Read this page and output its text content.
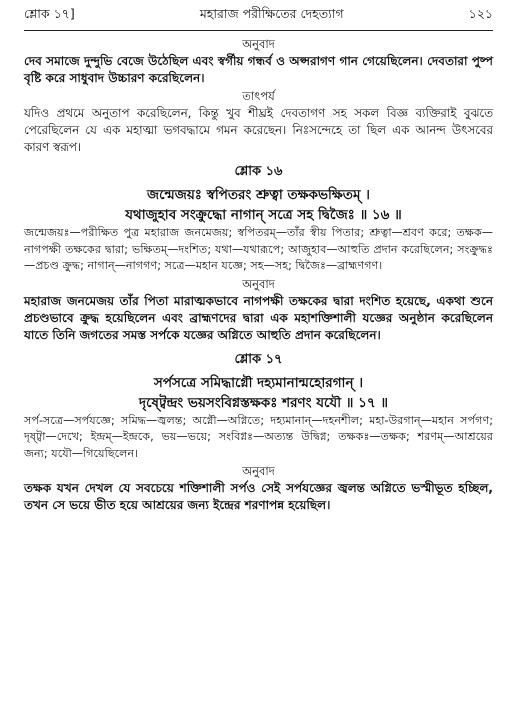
শ্লোক ১৭]	মহারাজ পরীক্ষিতের দেহত্যাগ	১২১
অনুবাদ

দেব সমাজে দুন্দুভি বেজে উঠেছিল এবং স্বর্গীয় গন্ধর্ব ও অপ্সরাগণ গান গেয়েছিলেন। দেবতারা পুষ্প বৃষ্টি করে সাধুবাদ উচ্চারণ করেছিলেন।

তাৎপর্য

যদিও প্রথমে অনুতাপ করেছিলেন, কিন্তু খুব শীঘ্রই দেবতাগণ সহ সকল বিজ্ঞ ব্যক্তিরাই বুঝতে পেরেছিলেন যে এক মহাত্মা ভগবদ্ধামে গমন করেছেন। নিঃসন্দেহে তা ছিল এক আনন্দ উৎসবের কারণ স্বরূপ।

শ্লোক ১৬
জন্মেজয়ঃ স্বপিতরং শ্রুত্বা তক্ষকভক্ষিতম্ ।
যথাজুহাব সংক্রুদ্ধো নাগান্ সত্রে সহ দ্বিজৈঃ ॥ ১৬ ॥

জন্মেজয়ঃ—পরীক্ষিত পুত্র মহারাজ জনমেজয়; স্বপিতরম্—তাঁর স্বীয় পিতার; শ্রুত্বা—শ্রবণ করে; তক্ষক—নাগপক্ষী তক্ষকের দ্বারা; ভক্ষিতম্—দংশিত; যথা—যথারূপে; আজুহাব—আহুতি প্রদান করেছিলেন; সংক্রুদ্ধঃ—প্রচণ্ড ক্রুদ্ধ; নাগান্—নাগগণ; সত্রে—মহান যজ্ঞে; সহ—সহ; দ্বিজৈঃ—ব্রাহ্মণগণ।

অনুবাদ

মহারাজ জনমেজয় তাঁর পিতা মারাত্মকভাবে নাগপক্ষী তক্ষকের দ্বারা দংশিত হয়েছে, একথা শুনে প্রচণ্ডভাবে ক্রুদ্ধ হয়েছিলেন এবং ব্রাহ্মণদের দ্বারা এক মহাশক্তিশালী যজ্ঞের অনুষ্ঠান করেছিলেন যাতে তিনি জগতের সমস্ত সর্পকে যজ্ঞের অগ্নিতে আহুতি প্রদান করেছিলেন।

শ্লোক ১৭
সর্পসত্রে সমিদ্ধাগ্নৌ দহ্যমানান্মহোরগান্ ।
দৃষ্ট্বেন্দ্রং ভয়সংবিগ্নস্তক্ষকঃ শরণং যযৌ ॥ ১৭ ॥

সর্প-সত্রে—সর্পযজ্ঞে; সমিদ্ধ—জ্বলন্ত; অগ্নৌ—অগ্নিতে; দহ্যমানান্—দহনশীল; মহা-উরগান্—মহান সর্পগণ; দৃষ্ট্বা—দেখে; ইন্দ্রম্—ইন্দ্রকে, ভয়—ভয়ে; সংবিগ্নঃ—অত্যন্ত উদ্বিগ্ন; তক্ষকঃ—তক্ষক; শরণম্—আশ্রয়ের জন্য; যযৌ—গিয়েছিলেন।

অনুবাদ

তক্ষক যখন দেখল যে সবচেয়ে শক্তিশালী সর্পও সেই সর্পযজ্ঞের জ্বলন্ত অগ্নিতে ভস্মীভূত হচ্ছিল, তখন সে ভয়ে ভীত হয়ে আশ্রয়ের জন্য ইন্দ্রের শরণাপন্ন হয়েছিল।
